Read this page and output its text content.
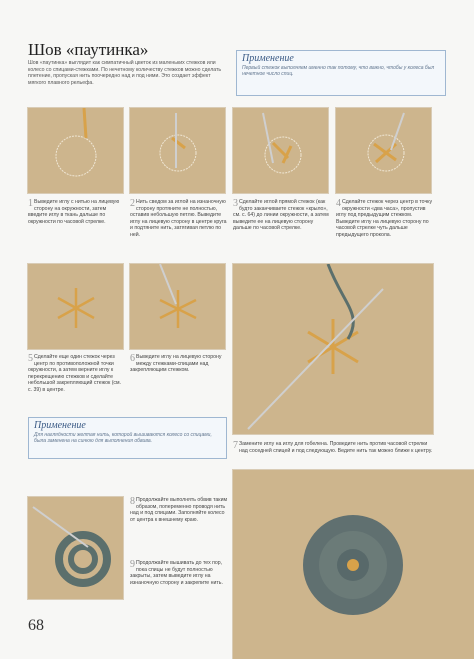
Шов «паутинка»
Шов «паутинка» выглядит как симпатичный цветок из маленьких стежков или колесо со спицами-стежками. По нечетному количеству стежков можно сделать плетение, пропуская нить поочередно над и под ними. Это создает эффект мягкого плавного рельефа.
Применение
Первый стежок выполняем именно так потому, что важно, чтобы у колеса был нечетное число спиц.
1 Выведите иглу с нитью на лицевую сторону на окружности, затем введите иглу в ткань дальше по окружности по часовой стрелке.
2 Нить сведом за иглой на изнаночную сторону протяните не полностью, оставив небольшую петлю. Выведите иглу на лицевую сторону в центре круга и подтяните нить, затягивая петлю по ней.
3 Сделайте иглой прямой стежок (как будто заканчиваете стежок «крыло», см. с. 64) до линии окружности, а затем выведите ее на лицевую сторону дальше по часовой стрелке.
4 Сделайте стежок через центр в точку окружности «два часа», пропустив иглу под предыдущим стежком. Выведите иглу на лицевую сторону по часовой стрелке чуть дальше предыдущего прокола.
5 Сделайте еще один стежок через центр по противоположной точки окружности, а затем верните иглу к перекрещению стежков и сделайте небольшой закрепляющий стежок (см. с. 39) в центре.
6 Выведите иглу на лицевую сторону между стежками-спицами над закрепляющим стежком.
Применение
Для наглядности желтая нить, которой вышиваются колесо со спицами, была заменена на синюю для выполнения обвива.	7 Замените иглу на иглу для гобелена. Проведите нить против часовой стрелки над соседней спицей и под следующую. Ведите нить так можно ближе к центру.
8 Продолжайте выполнять обвив таким образом, попеременно проводя нить над и под спицами. Заполняйте колесо от центра к внешнему краю.
9 Продолжайте вышивать до тех пор, пока спицы не будут полностью закрыты, затем выведите иглу на изнаночную сторону и закрепите нить.
68
